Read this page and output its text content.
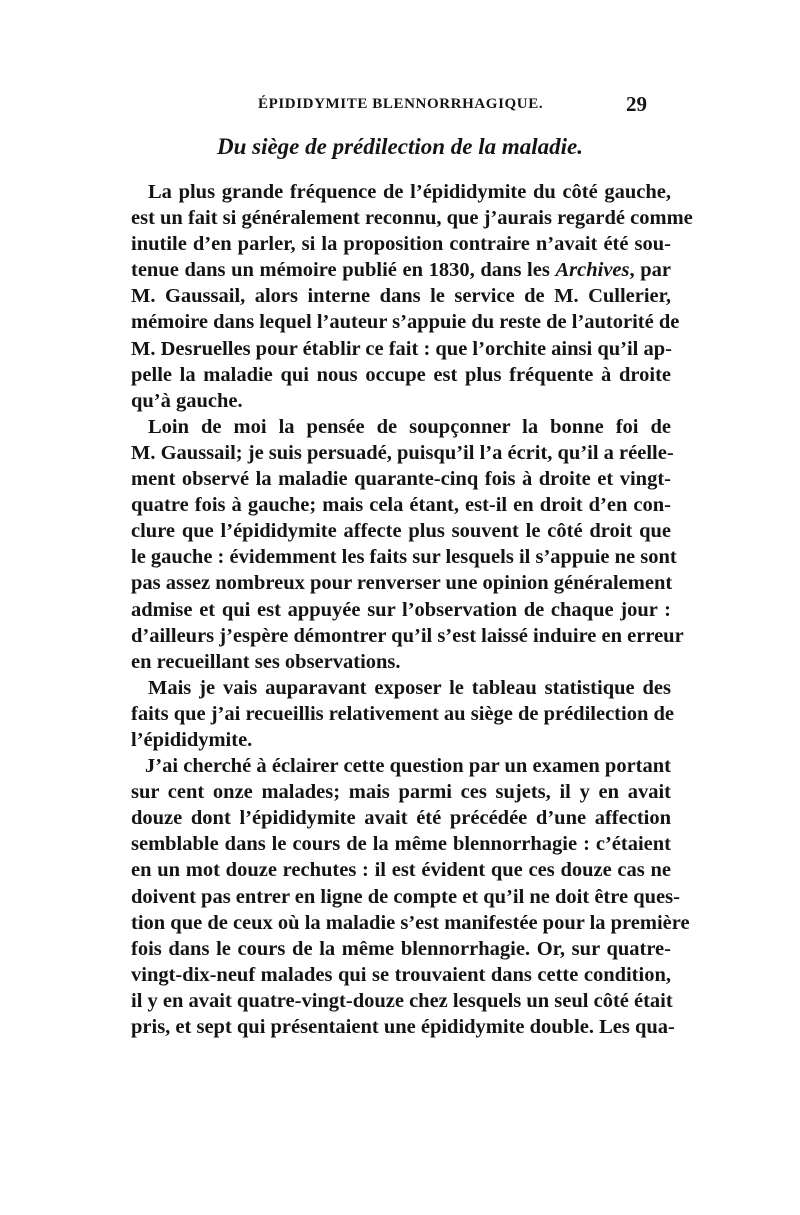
ÉPIDIDYMITE BLENNORRHAGIQUE.	29
Du siège de prédilection de la maladie.
La plus grande fréquence de l’épididymite du côté gauche,
est un fait si généralement reconnu, que j’aurais regardé comme
inutile d’en parler, si la proposition contraire n’avait été sou-
tenue dans un mémoire publié en 1830, dans les Archives, par
M. Gaussail, alors interne dans le service de M. Cullerier,
mémoire dans lequel l’auteur s’appuie du reste de l’autorité de
M. Desruelles pour établir ce fait : que l’orchite ainsi qu’il ap-
pelle la maladie qui nous occupe est plus fréquente à droite
qu’à gauche.
Loin de moi la pensée de soupçonner la bonne foi de
M. Gaussail; je suis persuadé, puisqu’il l’a écrit, qu’il a réelle-
ment observé la maladie quarante-cinq fois à droite et vingt-
quatre fois à gauche; mais cela étant, est-il en droit d’en con-
clure que l’épididymite affecte plus souvent le côté droit que
le gauche : évidemment les faits sur lesquels il s’appuie ne sont
pas assez nombreux pour renverser une opinion généralement
admise et qui est appuyée sur l’observation de chaque jour :
d’ailleurs j’espère démontrer qu’il s’est laissé induire en erreur
en recueillant ses observations.
Mais je vais auparavant exposer le tableau statistique des
faits que j’ai recueillis relativement au siège de prédilection de
l’épididymite.
J’ai cherché à éclairer cette question par un examen portant
sur cent onze malades; mais parmi ces sujets, il y en avait
douze dont l’épididymite avait été précédée d’une affection
semblable dans le cours de la même blennorrhagie : c’étaient
en un mot douze rechutes : il est évident que ces douze cas ne
doivent pas entrer en ligne de compte et qu’il ne doit être ques-
tion que de ceux où la maladie s’est manifestée pour la première
fois dans le cours de la même blennorrhagie. Or, sur quatre-
vingt-dix-neuf malades qui se trouvaient dans cette condition,
il y en avait quatre-vingt-douze chez lesquels un seul côté était
pris, et sept qui présentaient une épididymite double. Les qua-
